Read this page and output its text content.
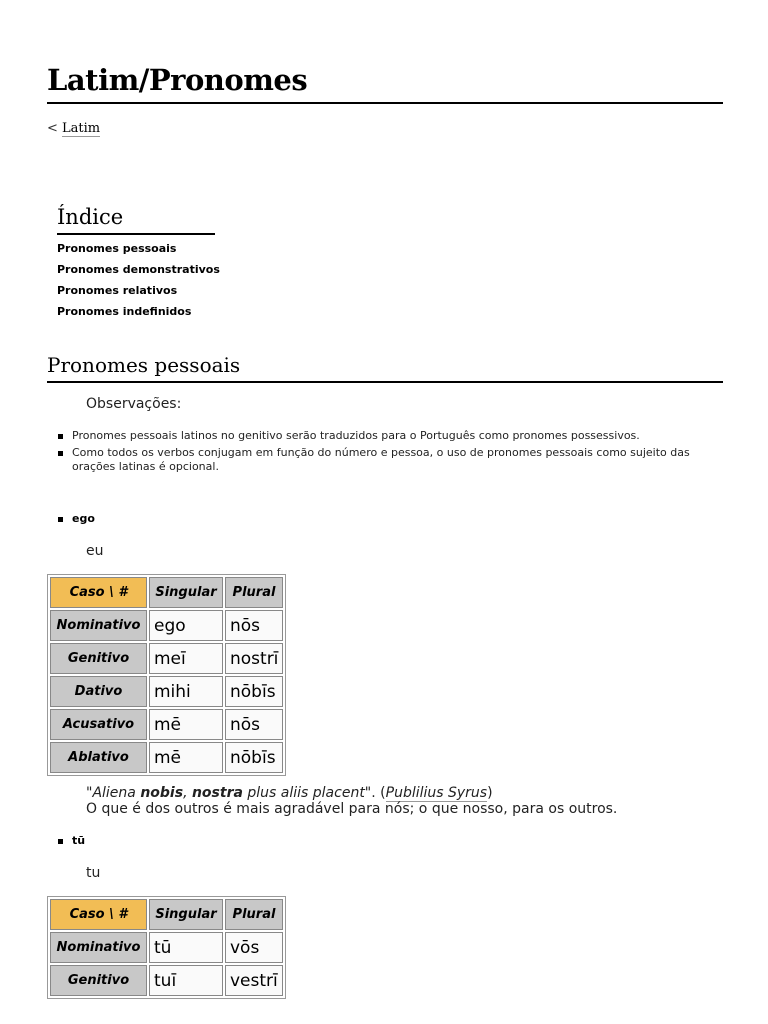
Latim/Pronomes
< Latim
Índice
Pronomes pessoais
Pronomes demonstrativos
Pronomes relativos
Pronomes indefinidos
Pronomes pessoais
Observações:
Pronomes pessoais latinos no genitivo serão traduzidos para o Português como pronomes possessivos.
Como todos os verbos conjugam em função do número e pessoa, o uso de pronomes pessoais como sujeito das orações latinas é opcional.
ego
eu
Caso \ #	Singular	Plural
Nominativo	ego	nōs
Genitivo	meī	nostrī
Dativo	mihi	nōbīs
Acusativo	mē	nōs
Ablativo	mē	nōbīs
"Aliena nobis, nostra plus aliis placent". (Publilius Syrus)
O que é dos outros é mais agradável para nós; o que nosso, para os outros.
tū
tu
Caso \ #	Singular	Plural
Nominativo	tū	vōs
Genitivo	tuī	vestrī
